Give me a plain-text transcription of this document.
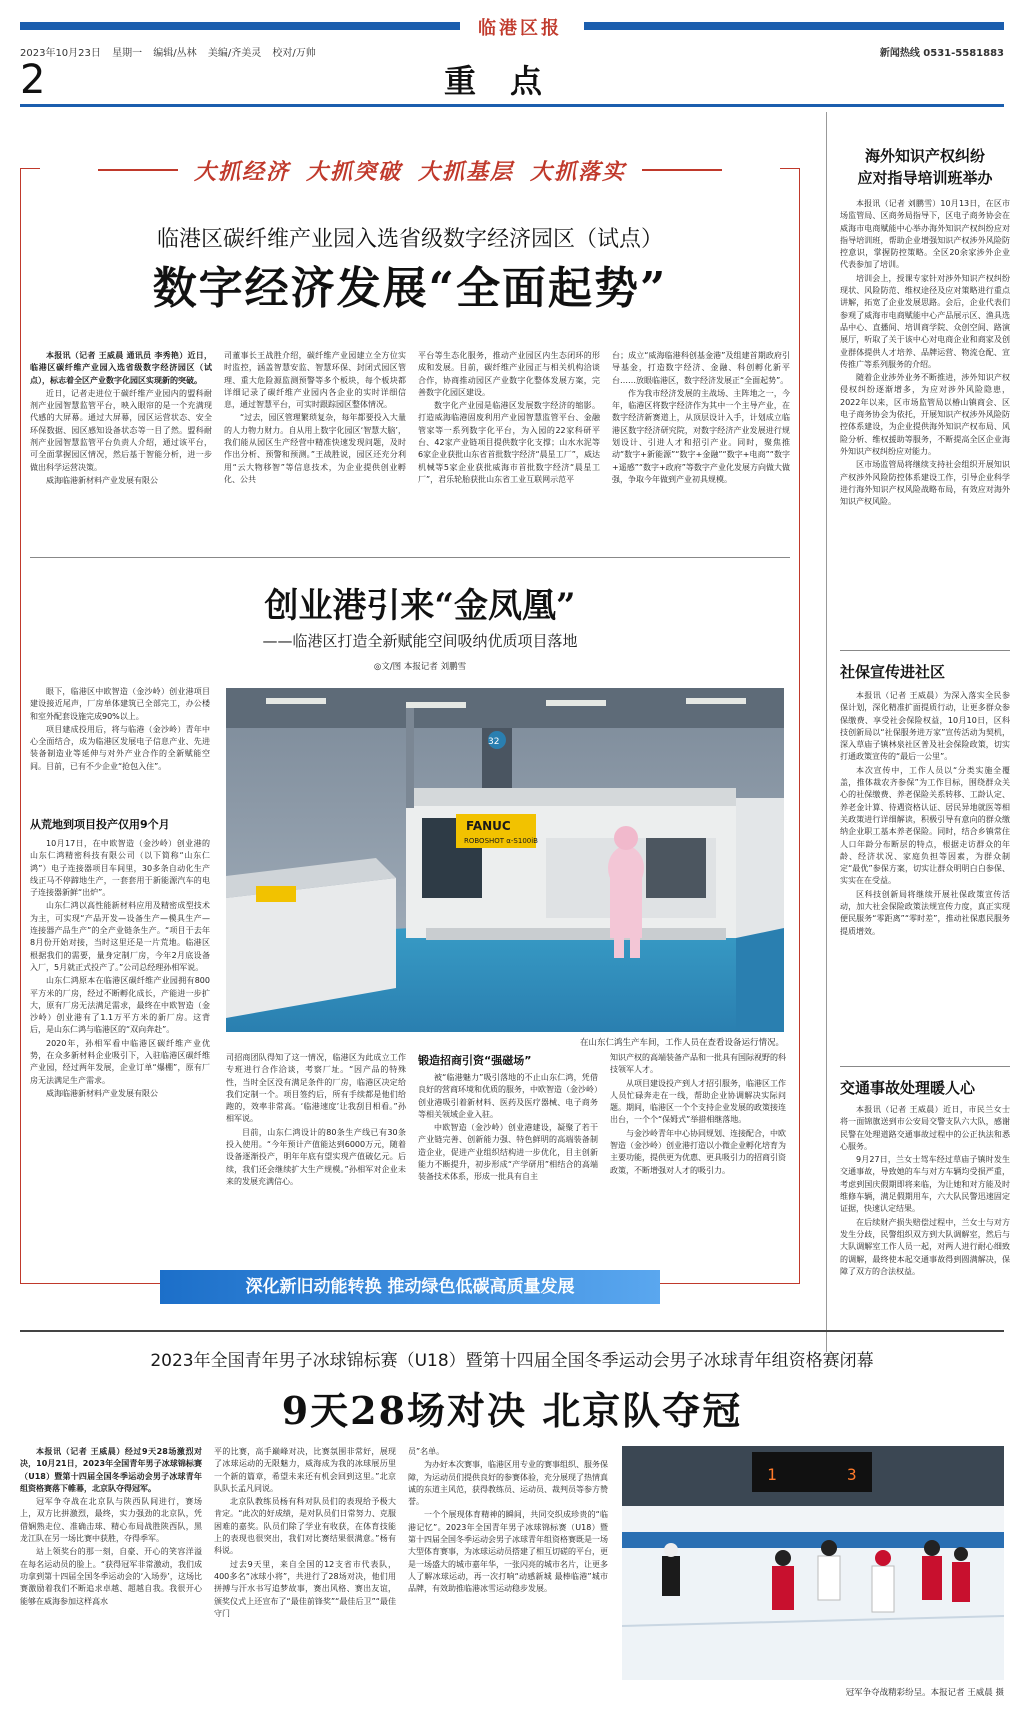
临港区报
2023年10月23日 星期一 编辑/丛林 美编/齐美灵 校对/万帅	新闻热线 0531-5581883
2	重点
大抓经济 大抓突破 大抓基层 大抓落实
临港区碳纤维产业园入选省级数字经济园区（试点）
数字经济发展“全面起势”

本报讯（记者 王威晨 通讯员 李秀艳）近日，临港区碳纤维产业园入选省级数字经济园区（试点），标志着全区产业数字化园区实现新的突破。

近日，记者走进位于碳纤维产业园内的盟科耐剂产业园智慧监管平台，映入眼帘的是一个充满现代感的大屏幕。通过大屏幕，园区运营状态、安全环保数据、园区感知设备状态等一目了然。盟科耐剂产业园智慧监管平台负责人介绍，通过该平台，可全面掌握园区情况，然后基于智能分析，进一步做出科学运营决策。

威海临港新材料产业发展有限公

司董事长王战胜介绍，碳纤维产业园建立全方位实时监控，涵盖智慧安监、智慧环保、封闭式园区管理、重大危险源监测预警等多个板块，每个板块都详细记录了碳纤维产业园内各企业的实时详细信息，通过智慧平台，可实时跟踪园区整体情况。

“过去，园区管理繁琐复杂，每年都要投入大量的人力物力财力。自从用上数字化园区‘智慧大脑’，我们能从园区生产经营中精准快速发现问题，及时作出分析、预警和预测。”王战胜说，园区还充分利用“云大物移智”等信息技术，为企业提供创业孵化、公共

平台等生态化服务，推动产业园区内生态闭环的形成和发展。目前，碳纤维产业园正与相关机构洽谈合作，协商推动园区产业数字化整体发展方案，完善数字化园区建设。

数字化产业园是临港区发展数字经济的缩影。打造威海临港固废利用产业园智慧监管平台、金融管家等一系列数字化平台，为入园的22家科研平台、42家产业链项目提供数字化支撑；山水水泥等6家企业获批山东省首批数字经济“晨星工厂”，威达机械等5家企业获批威海市首批数字经济“晨星工厂”，君乐轮胎获批山东省工业互联网示范平

台；成立“威海临港科创基金港”及组建首期政府引导基金，打造数字经济、金融、科创孵化新平台……放眼临港区，数字经济发展正“全面起势”。

作为我市经济发展的主战场、主阵地之一，今年，临港区将数字经济作为其中一个主导产业，在数字经济新赛道上，从顶层设计入手，计划成立临港区数字经济研究院，对数字经济产业发展进行规划设计、引进人才和招引产业。同时，聚焦推动“数字+新能源”“数字+金融”“数字+电商”“数字+遥感”“数字+政府”等数字产业化发展方向做大做强，争取今年做到产业初具规模。

创业港引来“金凤凰”
——临港区打造全新赋能空间吸纳优质项目落地
◎文/图 本报记者 刘鹏雪

眼下，临港区中欧智造（金沙岭）创业港项目建设接近尾声，厂房单体建筑已全部完工，办公楼和室外配套设施完成90%以上。

项目建成投用后，将与临港（金沙岭）青年中心全面结合，成为临港区发展电子信息产业、先进装备制造业等延伸与对外产业合作的全新赋能空间。目前，已有不少企业“抢包入住”。

从荒地到项目投产仅用9个月

10月17日，在中欧智造（金沙岭）创业港的山东仁鸿精密科技有限公司（以下简称“山东仁鸿”）电子连接器项目车间里，30多条自动化生产线正马不停蹄地生产，一套套用于新能源汽车的电子连接器新鲜“出炉”。

山东仁鸿以高性能新材料应用及精密成型技术为主，可实现“产品开发—设备生产—模具生产—连接器产品生产”的全产业链条生产。“项目于去年8月份开始对接，当时这里还是一片荒地。临港区根据我们的需要，量身定制厂房，今年2月底设备入厂，5月就正式投产了。”公司总经理孙相军说。

山东仁鸿原本在临港区碳纤维产业园拥有800平方米的厂房，经过不断孵化成长，产能进一步扩大，原有厂房无法满足需求，最终在中欧智造（金沙岭）创业港有了1.1万平方米的新厂房。这背后，是山东仁鸿与临港区的“双向奔赴”。

2020年，孙相军看中临港区碳纤维产业优势，在众多新材料企业吸引下，入驻临港区碳纤维产业园，经过两年发展，企业订单“爆棚”，原有厂房无法满足生产需求。

威海临港新材料产业发展有限公

FANUC
ROBOSHOT α-S100iB
32
在山东仁鸿生产车间，工作人员在查看设备运行情况。

司招商团队得知了这一情况，临港区为此成立工作专班进行合作洽谈，考察厂址。“因产品的特殊性，当时全区没有满足条件的厂房，临港区决定给我们定制一个。项目签约后，所有手续都是他们给跑的，效率非常高。‘临港速度’让我刮目相看。”孙相军说。

目前，山东仁鸿设计的80条生产线已有30条投入使用。“今年预计产值能达到6000万元，随着设备逐渐投产，明年年底有望实现产值破亿元。后续，我们还会继续扩大生产规模。”孙相军对企业未来的发展充满信心。

锻造招商引资“强磁场”

被“临港魅力”吸引落地的不止山东仁鸿，凭借良好的营商环境和优质的服务，中欧智造（金沙岭）创业港吸引着新材料、医药及医疗器械、电子商务等相关领域企业入驻。

中欧智造（金沙岭）创业港建设，凝聚了若干产业链完善、创新能力强、特色鲜明的高端装备制造企业，促进产业组织结构进一步优化，目主创新能力不断提升，初步形成“产学研用”相结合的高端装备技术体系，形成一批具有自主

知识产权的高端装备产品和一批具有国际视野的科技领军人才。

从项目建设投产到人才招引服务，临港区工作人员忙碌奔走在一线，帮助企业协调解决实际问题。期间，临港区一个个支持企业发展的政策接连出台，一个个“保姆式”举措相继落地。

与金沙岭青年中心协同规划、连接配合，中欧智造（金沙岭）创业港打造以小微企业孵化培育为主要功能，提供更为优惠、更具吸引力的招商引资政策，不断增强对人才的吸引力。

深化新旧动能转换 推动绿色低碳高质量发展
海外知识产权纠纷
应对指导培训班举办

本报讯（记者 刘鹏雪）10月13日，在区市场监管局、区商务局指导下，区电子商务协会在威海市电商赋能中心举办海外知识产权纠纷应对指导培训班，帮助企业增强知识产权涉外风险防控意识，掌握防控策略。全区20余家涉外企业代表参加了培训。

培训会上，授课专家针对涉外知识产权纠纷现状、风险防范、维权途径及应对策略进行重点讲解，拓宽了企业发展思路。会后，企业代表们参观了威海市电商赋能中心产品展示区、渔具选品中心、直播间、培训商学院、众创空间、路演展厅，听取了关于该中心对电商企业和商家及创业群体提供人才培养、品牌运营、物流仓配、宣传推广等系列服务的介绍。

随着企业涉外业务不断推进，涉外知识产权侵权纠纷逐渐增多，为应对涉外风险隐患，2022年以来，区市场监管局以椿山镇商会、区电子商务协会为依托，开展知识产权涉外风险防控体系建设，为企业提供海外知识产权布局、风险分析、维权援助等服务，不断提高全区企业海外知识产权纠纷应对能力。

区市场监管局将继续支持社会组织开展知识产权涉外风险防控体系建设工作，引导企业科学进行海外知识产权风险战略布局，有效应对海外知识产权风险。

社保宣传进社区

本报讯（记者 王威晨）为深入落实全民参保计划，深化精准扩面提质行动，让更多群众参保缴费、享受社会保险权益，10月10日，区科技创新局以“社保服务进万家”宣传活动为契机，深入草庙子镇林泉社区普及社会保险政策，切实打通政策宣传的“最后一公里”。

本次宣传中，工作人员以“分类实施全覆盖，推体裁农齐参保”为工作目标，围绕群众关心的社保缴费、养老保险关系转移、工龄认定、养老金计算、待遇资格认证、居民异地就医等相关政策进行详细解读，积极引导有意向的群众缴纳企业职工基本养老保险。同时，结合乡镇常住人口年龄分布断层的特点，根据走访群众的年龄、经济状况、家庭负担等因素，为群众制定“最优”参保方案，切实让群众明明白白参保、实实在在受益。

区科技创新局将继续开展社保政策宣传活动，加大社会保险政策法规宣传力度，真正实现便民服务“零距离”“零时差”，推动社保惠民服务提质增效。

交通事故处理暖人心

本报讯（记者 王威晨）近日，市民兰女士将一面锦旗送到市公安局交警支队六大队，感谢民警在处理道路交通事故过程中的公正执法和悉心服务。

9月27日，兰女士驾车经过草庙子镇时发生交通事故，导致她的车与对方车辆均受损严重，考虑到国庆假期即将来临，为让她和对方能及时维修车辆，满足假期用车，六大队民警迅速固定证据，快速认定结果。

在后续财产损失赔偿过程中，兰女士与对方发生分歧，民警组织双方到大队调解室，然后与大队调解室工作人员一起，对两人进行耐心细致的调解，最终使本起交通事故得到圆满解决，保障了双方的合法权益。

2023年全国青年男子冰球锦标赛（U18）暨第十四届全国冬季运动会男子冰球青年组资格赛闭幕
9天28场对决 北京队夺冠

本报讯（记者 王威晨）经过9天28场激烈对决，10月21日，2023年全国青年男子冰球锦标赛（U18）暨第十四届全国冬季运动会男子冰球青年组资格赛落下帷幕，北京队夺得冠军。

冠军争夺战在北京队与陕西队间进行，赛场上，双方比拼激烈，最终，实力强劲的北京队，凭借娴熟走位、准确击球、精心布局战胜陕西队，黑龙江队在另一场比赛中获胜，夺得季军。

站上领奖台的那一刻，自豪、开心的笑容洋溢在每名运动员的脸上。“获得冠军非常激动，我们成功拿到第十四届全国冬季运动会的‘入场券’，这场比赛激励着我们不断追求卓越、超越自我。我很开心能够在威海参加这样高水

平的比赛，高手巅峰对决，比赛氛围非常好，展现了冰球运动的无限魅力，威海成为我的冰球展历里一个新的篇章，希望未来还有机会回到这里。”北京队队长孟凡同说。

北京队教练员杨有科对队员们的表现给予极大肯定。“此次的好成绩，是对队员们日常努力、克服困难的嘉奖。队员们除了学业有收获，在体育技能上的表现也很突出，我们对比赛结果很满意。”杨有科说。

过去9天里，来自全国的12支省市代表队，400多名“冰球小将”，共进行了28场对决，他们用拼搏与汗水书写追梦故事，赛出风格、赛出友谊，颁奖仪式上还宣布了“最佳前锋奖”“最佳后卫”“最佳守门

员”名单。

为办好本次赛事，临港区用专业的赛事组织、服务保障，为运动员们提供良好的参赛体验，充分展现了热情真诚的东道主风范，获得教练员、运动员、裁判员等参方赞誉。

一个个展现体育精神的瞬间，共同交织成珍贵的“临港记忆”。2023年全国青年男子冰球锦标赛（U18）暨第十四届全国冬季运动会男子冰球青年组资格赛既是一场大型体育赛事，为冰球运动员搭建了相互切磋的平台，更是一场盛大的城市嘉年华，一张闪亮的城市名片，让更多人了解冰球运动，再一次打响“动感新城 最棒临港”城市品牌，有效助推临港冰雪运动稳步发展。

1	3
冠军争夺战精彩纷呈。本报记者 王威晨 摄
